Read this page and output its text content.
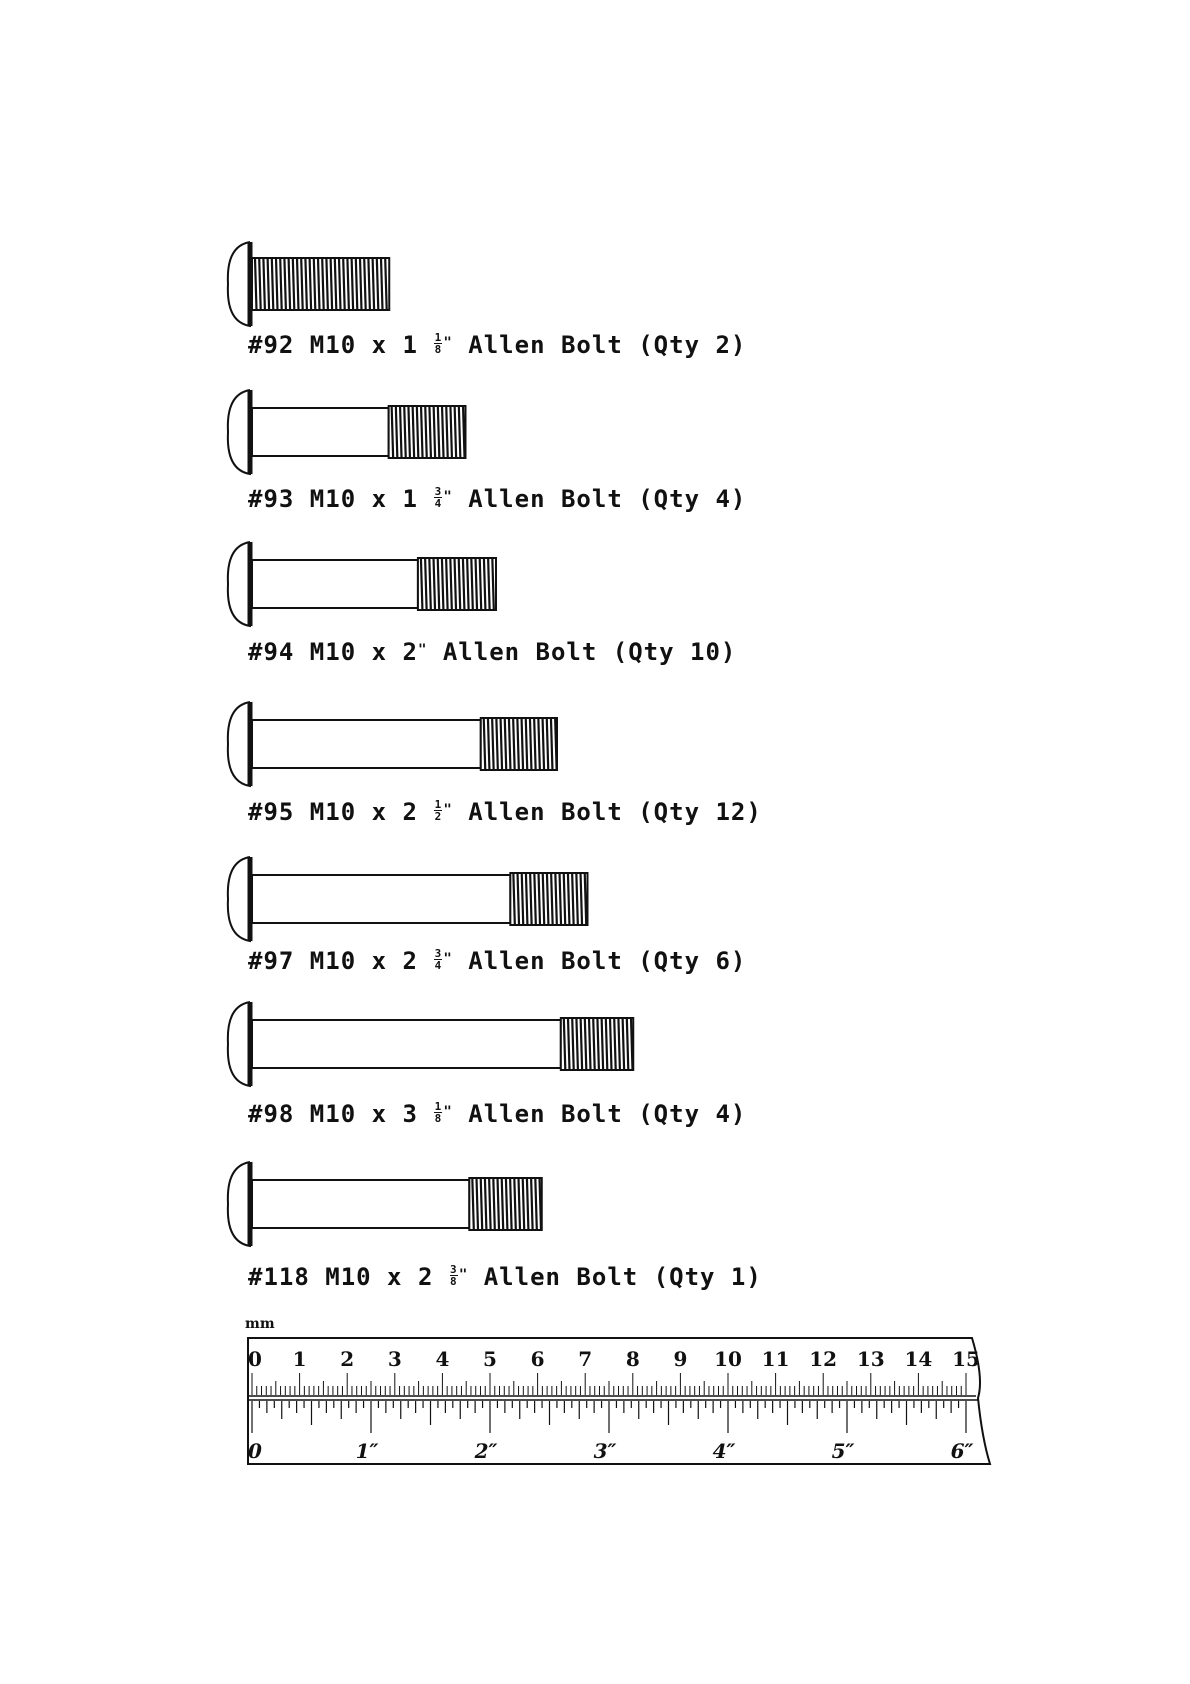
#92 M10 x $1 \frac{1}{8} ^"$ Allen Bolt (Qty 2)
#93 M10 x $1 \frac{3}{4} ^"$ Allen Bolt (Qty 4)
#94 M10 x 2" Allen Bolt (Qty 10)
#95 M10 x $2 \frac{1}{2} ^"$ Allen Bolt (Qty 12)
#97 M10 x $2 \frac{3}{4} ^"$ Allen Bolt (Qty 6)
#98 M10 x $3 \frac{1}{8} ^"$ Allen Bolt (Qty 4)
#118 M10 x $2 \frac{3}{8} ^"$ Allen Bolt (Qty 1)
mm
0 1 2 3 4 5 6 7 8 9 10 11 12 13 14 15
0	1″	2″	3″	4″	5″	6″
